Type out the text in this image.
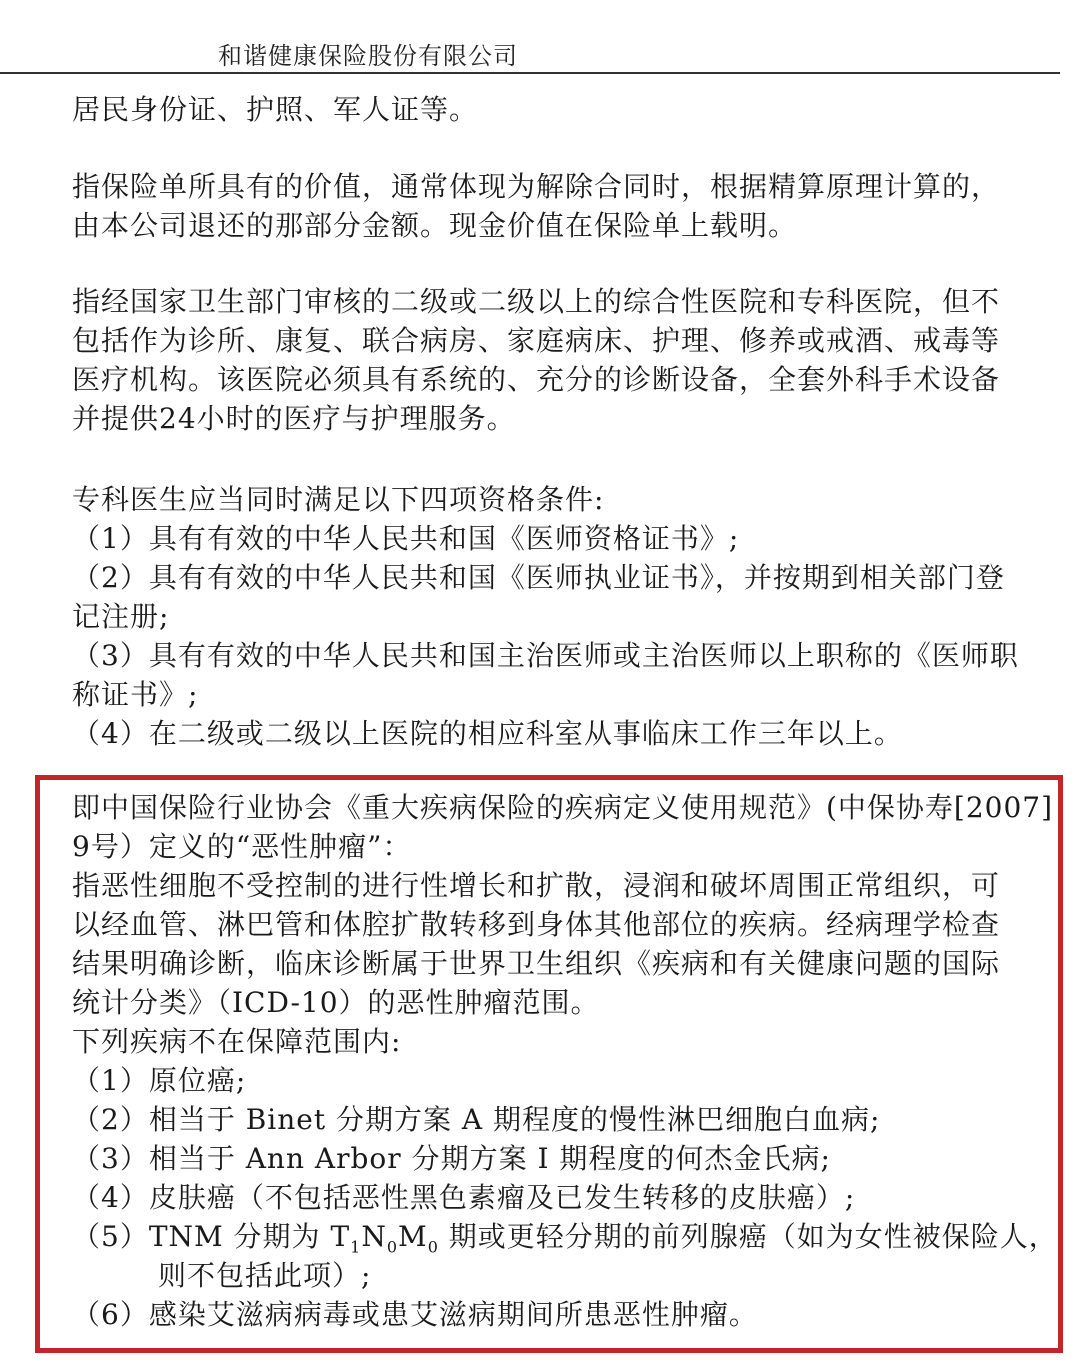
和谐健康保险股份有限公司
居民身份证、护照、军人证等。
指保险单所具有的价值，通常体现为解除合同时，根据精算原理计算的，
由本公司退还的那部分金额。现金价值在保险单上载明。
指经国家卫生部门审核的二级或二级以上的综合性医院和专科医院，但不
包括作为诊所、康复、联合病房、家庭病床、护理、修养或戒酒、戒毒等
医疗机构。该医院必须具有系统的、充分的诊断设备，全套外科手术设备
并提供24小时的医疗与护理服务。
专科医生应当同时满足以下四项资格条件:
（1）具有有效的中华人民共和国《医师资格证书》;
（2）具有有效的中华人民共和国《医师执业证书》，并按期到相关部门登
记注册;
（3）具有有效的中华人民共和国主治医师或主治医师以上职称的《医师职
称证书》;
（4）在二级或二级以上医院的相应科室从事临床工作三年以上。
即中国保险行业协会《重大疾病保险的疾病定义使用规范》(中保协寿[2007]
9号）定义的“恶性肿瘤”：
指恶性细胞不受控制的进行性增长和扩散，浸润和破坏周围正常组织，可
以经血管、淋巴管和体腔扩散转移到身体其他部位的疾病。经病理学检查
结果明确诊断，临床诊断属于世界卫生组织《疾病和有关健康问题的国际
统计分类》（ICD-10）的恶性肿瘤范围。
下列疾病不在保障范围内:
（1）原位癌;
（2）相当于 Binet 分期方案 A 期程度的慢性淋巴细胞白血病;
（3）相当于 Ann Arbor 分期方案 I 期程度的何杰金氏病;
（4）皮肤癌（不包括恶性黑色素瘤及已发生转移的皮肤癌）;
（5）TNM 分期为 $T_1N_0M_0$ 期或更轻分期的前列腺癌（如为女性被保险人，
则不包括此项）;
（6）感染艾滋病病毒或患艾滋病期间所患恶性肿瘤。
